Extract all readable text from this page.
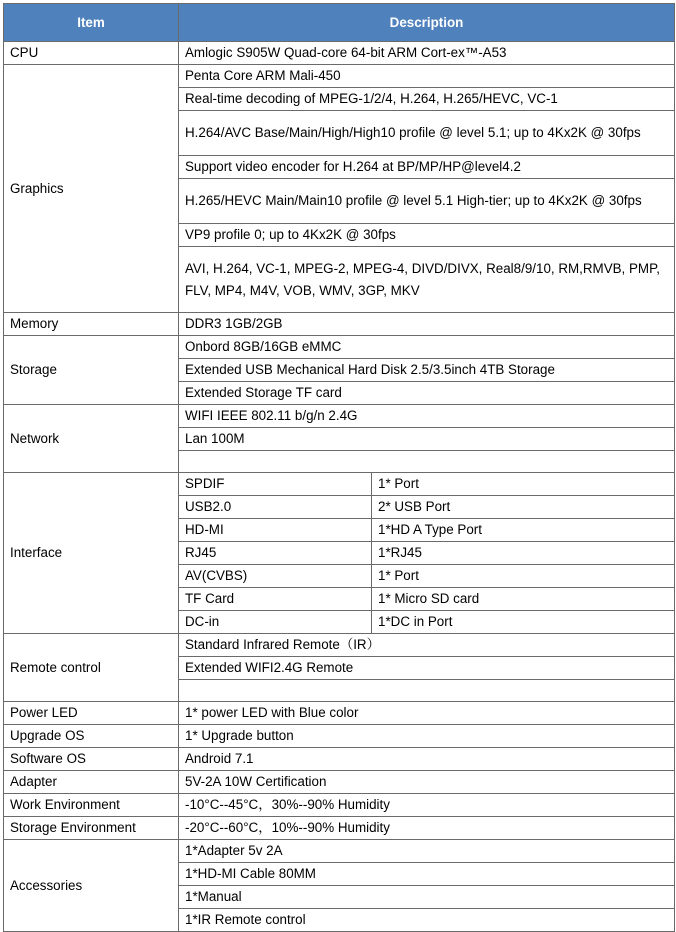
Item	Description	
CPU	Amlogic S905W Quad-core 64-bit ARM Cort-ex™-A53	
Graphics	Penta Core ARM Mali-450	
	Real-time decoding of MPEG-1/2/4, H.264, H.265/HEVC, VC-1	
	H.264/AVC Base/Main/High/High10 profile @ level 5.1; up to 4Kx2K @ 30fps	
	Support video encoder for H.264 at BP/MP/HP@level4.2	
	H.265/HEVC Main/Main10 profile @ level 5.1 High-tier; up to 4Kx2K @ 30fps	
	VP9 profile 0; up to 4Kx2K @ 30fps	
	AVI, H.264, VC-1, MPEG-2, MPEG-4, DIVD/DIVX, Real8/9/10, RM,RMVB, PMP, FLV, MP4, M4V, VOB, WMV, 3GP, MKV	
Memory	DDR3 1GB/2GB	
Storage	Onbord 8GB/16GB eMMC	
	Extended USB Mechanical Hard Disk 2.5/3.5inch 4TB Storage	
	Extended Storage TF card	
Network	WIFI IEEE 802.11 b/g/n 2.4G	
	Lan 100M	

Interface	SPDIF	1* Port
	USB2.0	2* USB Port
	HD-MI	1*HD A Type Port
	RJ45	1*RJ45
	AV(CVBS)	1* Port
	TF Card	1* Micro SD card
	DC-in	1*DC in Port
Remote control	Standard Infrared Remote（IR）	
	Extended WIFI2.4G Remote	

Power LED	1* power LED with Blue color	
Upgrade OS	1* Upgrade button	
Software OS	Android 7.1	
Adapter	5V-2A 10W Certification	
Work Environment	-10°C--45°C，30%--90% Humidity	
Storage Environment	-20°C--60°C，10%--90% Humidity	
Accessories	1*Adapter 5v 2A	
	1*HD-MI Cable 80MM	
	1*Manual	
	1*IR Remote control	
